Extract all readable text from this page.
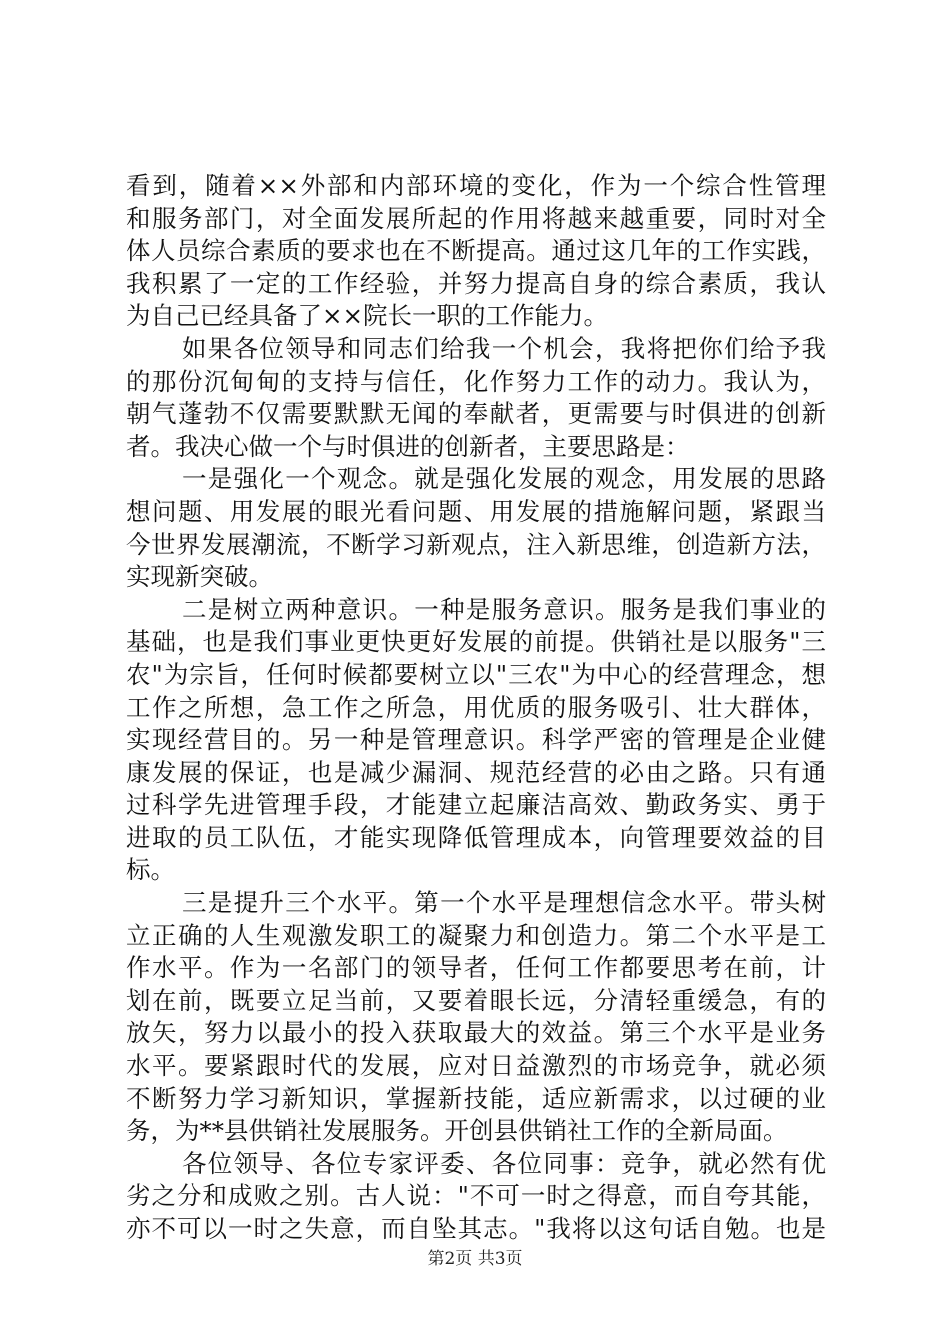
看到，随着××外部和内部环境的变化，作为一个综合性管理
和服务部门，对全面发展所起的作用将越来越重要，同时对全
体人员综合素质的要求也在不断提高。通过这几年的工作实践，
我积累了一定的工作经验，并努力提高自身的综合素质，我认
为自己已经具备了××院长一职的工作能力。
如果各位领导和同志们给我一个机会，我将把你们给予我
的那份沉甸甸的支持与信任，化作努力工作的动力。我认为，
朝气蓬勃不仅需要默默无闻的奉献者，更需要与时俱进的创新
者。我决心做一个与时俱进的创新者，主要思路是：
一是强化一个观念。就是强化发展的观念，用发展的思路
想问题、用发展的眼光看问题、用发展的措施解问题，紧跟当
今世界发展潮流，不断学习新观点，注入新思维，创造新方法，
实现新突破。
二是树立两种意识。一种是服务意识。服务是我们事业的
基础，也是我们事业更快更好发展的前提。供销社是以服务"三
农"为宗旨，任何时候都要树立以"三农"为中心的经营理念，想
工作之所想，急工作之所急，用优质的服务吸引、壮大群体，
实现经营目的。另一种是管理意识。科学严密的管理是企业健
康发展的保证，也是减少漏洞、规范经营的必由之路。只有通
过科学先进管理手段，才能建立起廉洁高效、勤政务实、勇于
进取的员工队伍，才能实现降低管理成本，向管理要效益的目
标。
三是提升三个水平。第一个水平是理想信念水平。带头树
立正确的人生观激发职工的凝聚力和创造力。第二个水平是工
作水平。作为一名部门的领导者，任何工作都要思考在前，计
划在前，既要立足当前，又要着眼长远，分清轻重缓急，有的
放矢，努力以最小的投入获取最大的效益。第三个水平是业务
水平。要紧跟时代的发展，应对日益激烈的市场竞争，就必须
不断努力学习新知识，掌握新技能，适应新需求，以过硬的业
务，为**县供销社发展服务。开创县供销社工作的全新局面。
各位领导、各位专家评委、各位同事：竞争，就必然有优
劣之分和成败之别。古人说："不可一时之得意，而自夸其能，
亦不可以一时之失意，而自坠其志。"我将以这句话自勉。也是
第2页 共3页
